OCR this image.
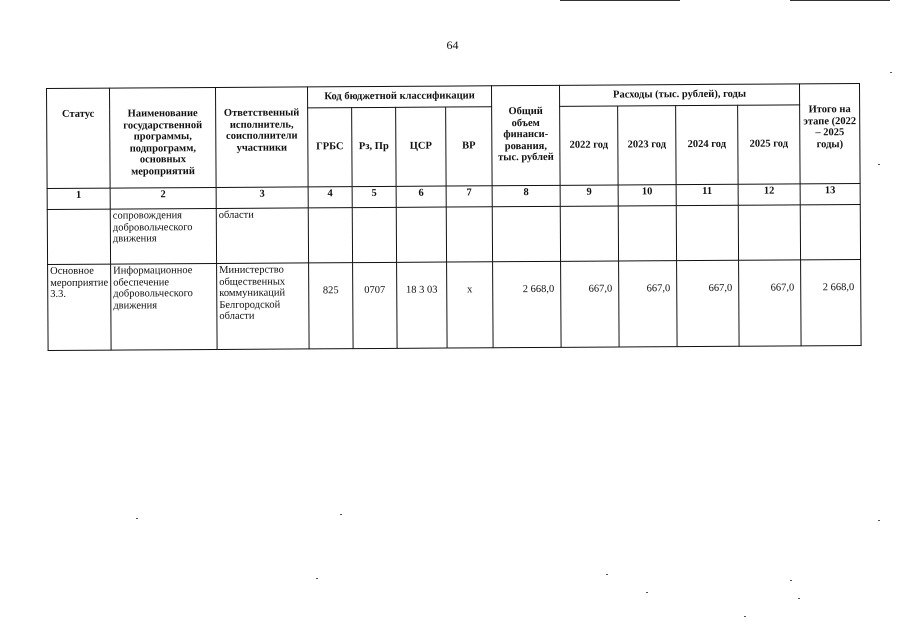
64
Статус	Наименование государственной программы, подпрограмм, основных мероприятий	Ответственный исполнитель, соисполнители участники	Код бюджетной классификации				Общий объем финанси-рования, тыс. рублей	Расходы (тыс. рублей), годы				Итого на этапе (2022 – 2025 годы)
			ГРБС	Рз, Пр	ЦСР	ВР		2022 год	2023 год	2024 год	2025 год	
1	2	3	4	5	6	7	8	9	10	11	12	13
	сопровождения добровольческого движения	области										
Основное мероприятие 3.3.	Информационное обеспечение добровольческого движения	Министерство общественных коммуникаций Белгородской области	825	0707	18 3 03	х	2 668,0	667,0	667,0	667,0	667,0	2 668,0
